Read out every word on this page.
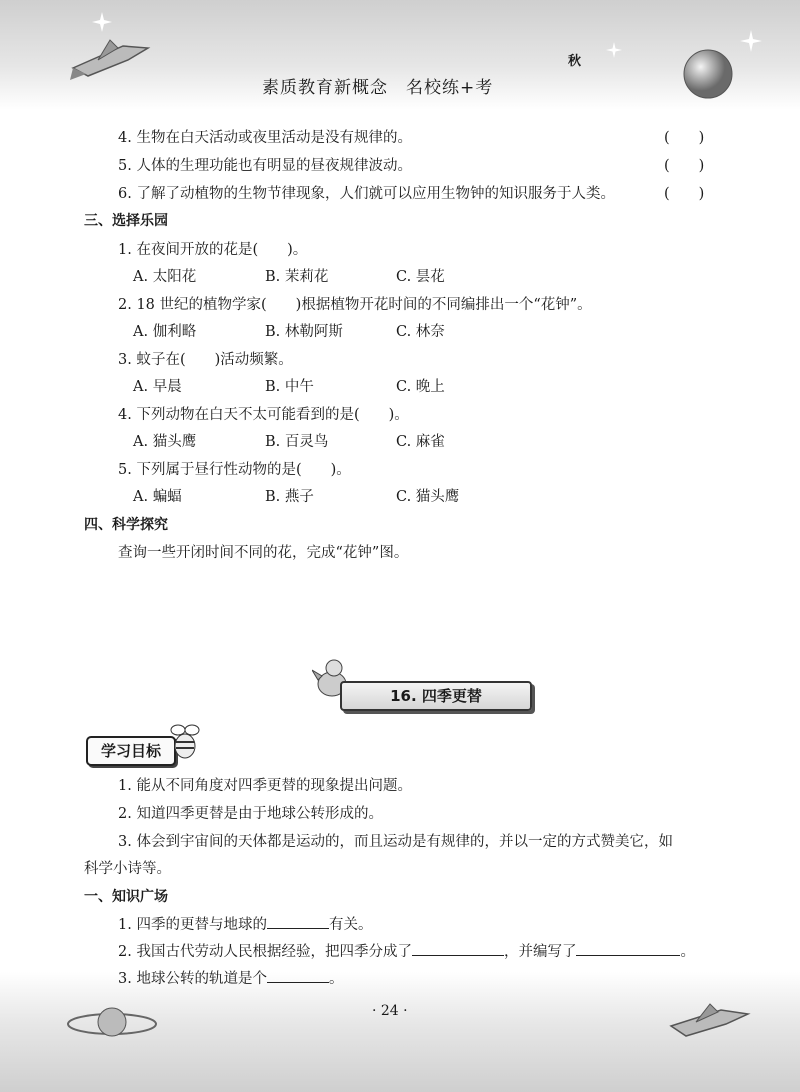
素质教育新概念　名校练+考
秋
4. 生物在白天活动或夜里活动是没有规律的。	(　　)
5. 人体的生理功能也有明显的昼夜规律波动。	(　　)
6. 了解了动植物的生物节律现象，人们就可以应用生物钟的知识服务于人类。	(　　)
三、选择乐园
1. 在夜间开放的花是(　　)。
A. 太阳花	B. 茉莉花	C. 昙花
2. 18 世纪的植物学家(　　)根据植物开花时间的不同编排出一个“花钟”。
A. 伽利略	B. 林勒阿斯	C. 林奈
3. 蚊子在(　　)活动频繁。
A. 早晨	B. 中午	C. 晚上
4. 下列动物在白天不太可能看到的是(　　)。
A. 猫头鹰	B. 百灵鸟	C. 麻雀
5. 下列属于昼行性动物的是(　　)。
A. 蝙蝠	B. 燕子	C. 猫头鹰
四、科学探究
查询一些开闭时间不同的花，完成“花钟”图。
16. 四季更替
学习目标
1. 能从不同角度对四季更替的现象提出问题。
2. 知道四季更替是由于地球公转形成的。
3. 体会到宇宙间的天体都是运动的，而且运动是有规律的，并以一定的方式赞美它，如
科学小诗等。
一、知识广场
1. 四季的更替与地球的	有关。
2. 我国古代劳动人民根据经验，把四季分成了	，并编写了	。
3. 地球公转的轨道是个	。
· 24 ·
